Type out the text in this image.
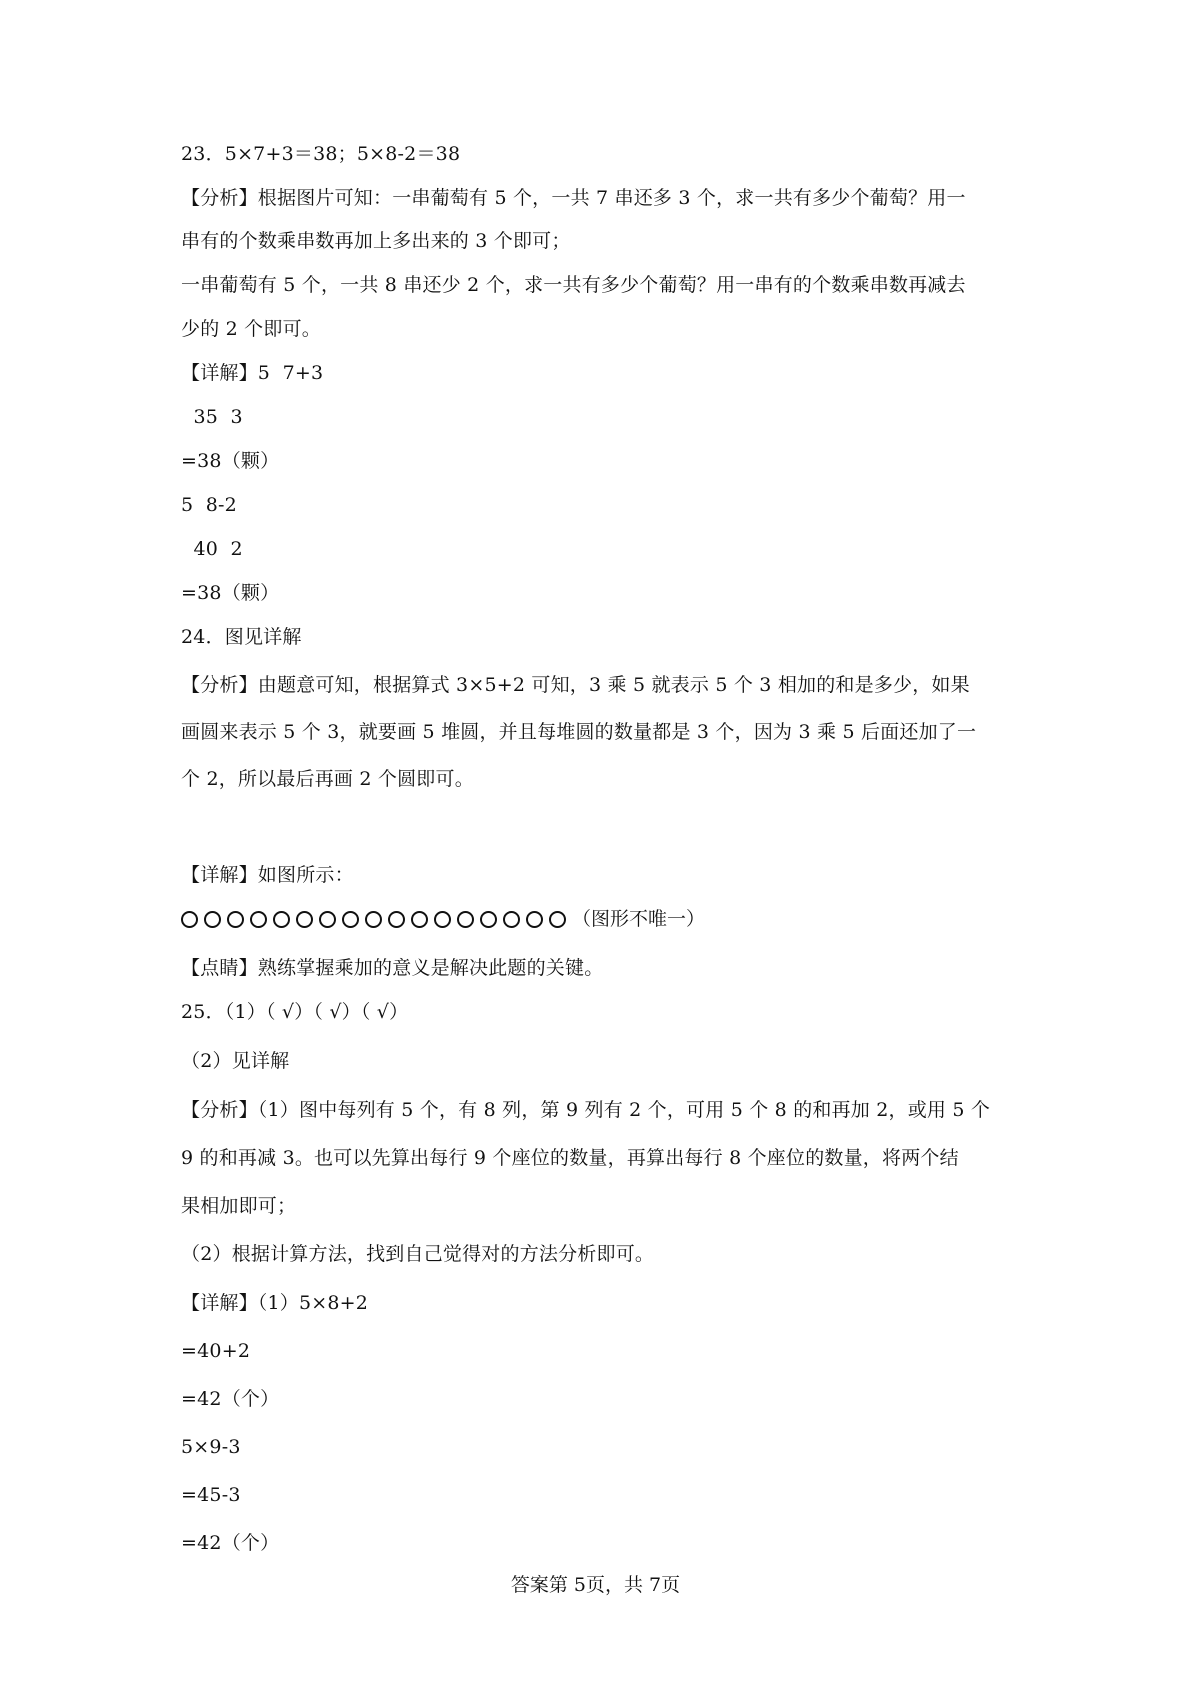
23．5×7+3＝38；5×8-2＝38
【分析】根据图片可知：一串葡萄有 5 个，一共 7 串还多 3 个，求一共有多少个葡萄？用一
串有的个数乘串数再加上多出来的 3 个即可；
一串葡萄有 5 个，一共 8 串还少 2 个，求一共有多少个葡萄？用一串有的个数乘串数再减去
少的 2 个即可。
【详解】5  7+3
35  3
=38（颗）
5  8-2
40  2
=38（颗）
24．图见详解
【分析】由题意可知，根据算式 3×5+2 可知，3 乘 5 就表示 5 个 3 相加的和是多少，如果
画圆来表示 5 个 3，就要画 5 堆圆，并且每堆圆的数量都是 3 个，因为 3 乘 5 后面还加了一
个 2，所以最后再画 2 个圆即可。
【详解】如图所示：
（图形不唯一）
【点睛】熟练掌握乘加的意义是解决此题的关键。
25．（1）（ √）（ √）（ √）
（2）见详解
【分析】（1）图中每列有 5 个，有 8 列，第 9 列有 2 个，可用 5 个 8 的和再加 2，或用 5 个
9 的和再减 3。也可以先算出每行 9 个座位的数量，再算出每行 8 个座位的数量，将两个结
果相加即可；
（2）根据计算方法，找到自己觉得对的方法分析即可。
【详解】（1）5×8+2
=40+2
=42（个）
5×9-3
=45-3
=42（个）
答案第 5页，共 7页
